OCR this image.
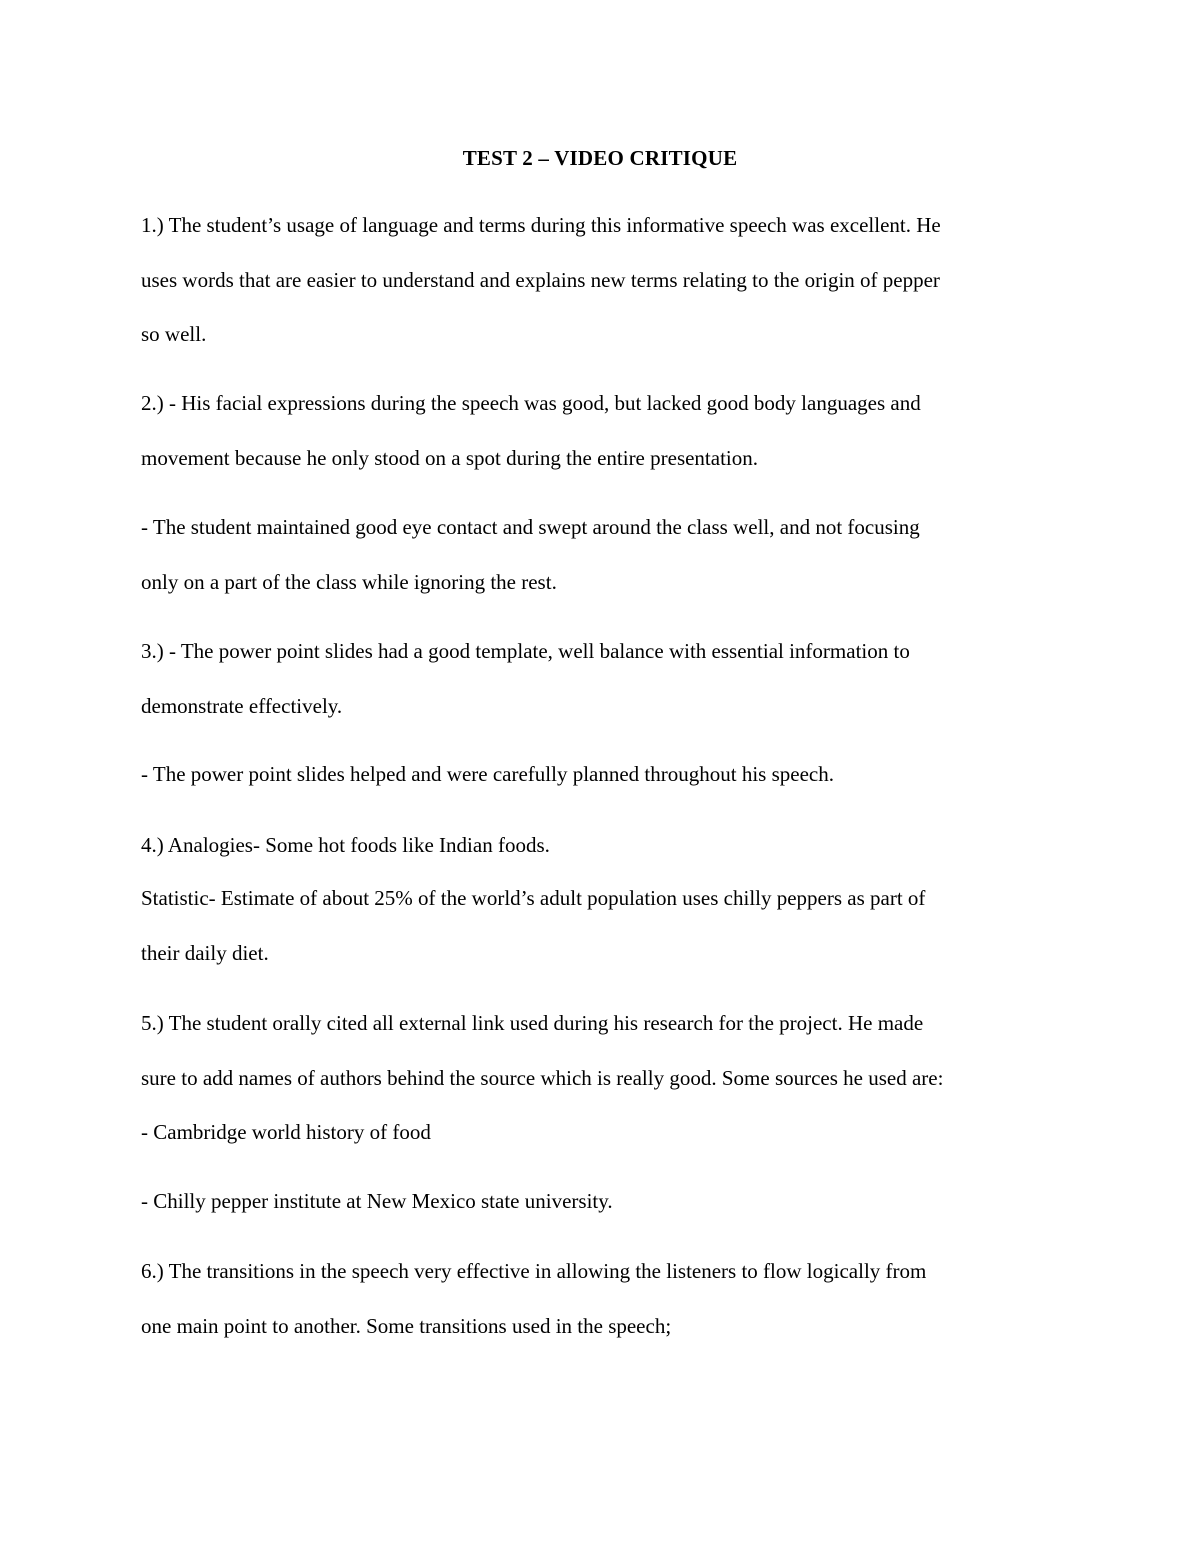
TEST 2 – VIDEO CRITIQUE
1.) The student’s usage of language and terms during this informative speech was excellent. He
uses words that are easier to understand and explains new terms relating to the origin of pepper
so well.
2.) - His facial expressions during the speech was good, but lacked good body languages and
movement because he only stood on a spot during the entire presentation.
- The student maintained good eye contact and swept around the class well, and not focusing
only on a part of the class while ignoring the rest.
3.) - The power point slides had a good template, well balance with essential information to
demonstrate effectively.
- The power point slides helped and were carefully planned throughout his speech.
4.) Analogies- Some hot foods like Indian foods.
Statistic- Estimate of about 25% of the world’s adult population uses chilly peppers as part of
their daily diet.
5.) The student orally cited all external link used during his research for the project. He made
sure to add names of authors behind the source which is really good. Some sources he used are:
- Cambridge world history of food
- Chilly pepper institute at New Mexico state university.
6.) The transitions in the speech very effective in allowing the listeners to flow logically from
one main point to another. Some transitions used in the speech;
